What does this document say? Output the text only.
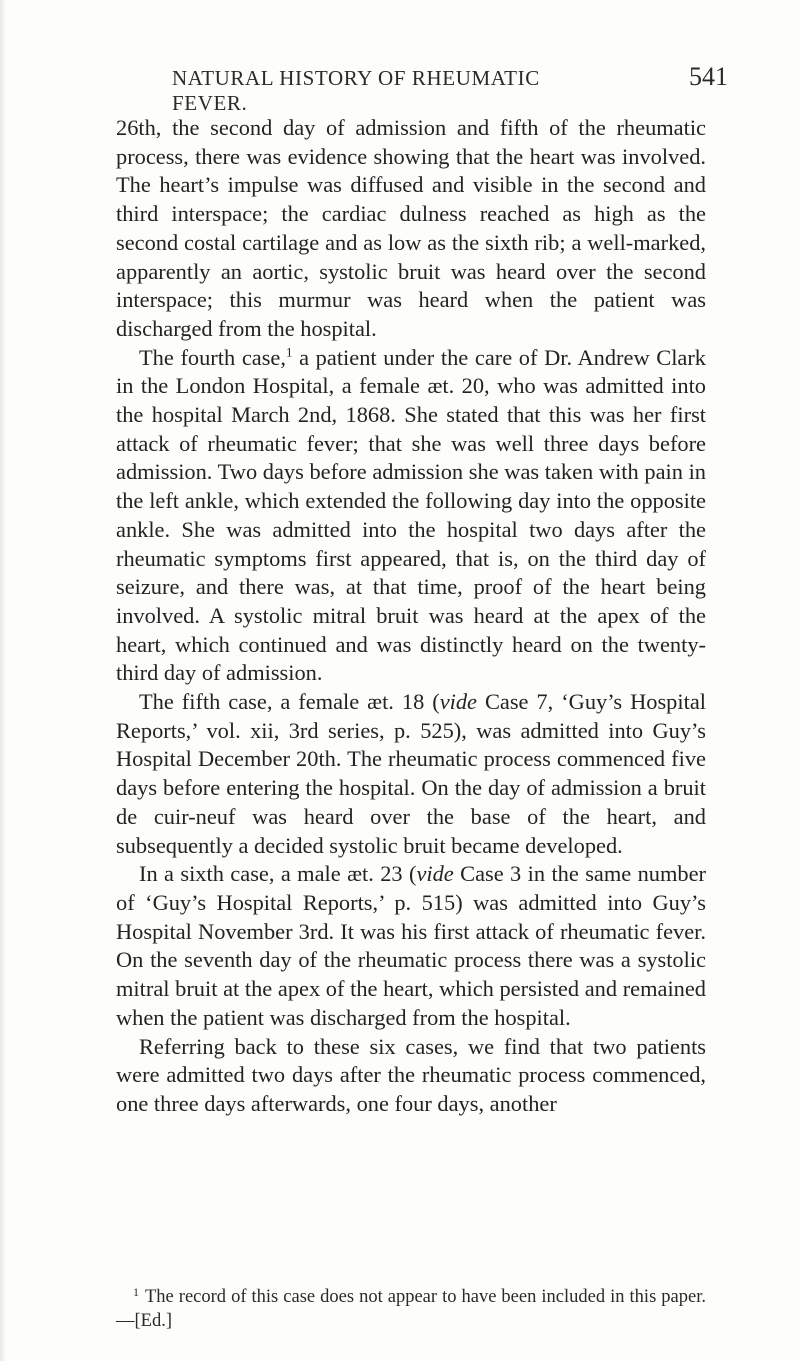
NATURAL HISTORY OF RHEUMATIC FEVER.
541

26th, the second day of admission and fifth of the rheumatic process, there was evidence showing that the heart was involved. The heart’s impulse was diffused and visible in the second and third interspace; the cardiac dulness reached as high as the second costal cartilage and as low as the sixth rib; a well-marked, apparently an aortic, systolic bruit was heard over the second interspace; this murmur was heard when the patient was discharged from the hospital.

The fourth case,$^1$ a patient under the care of Dr. Andrew Clark in the London Hospital, a female æt. 20, who was admitted into the hospital March 2nd, 1868. She stated that this was her first attack of rheumatic fever; that she was well three days before admission. Two days before admission she was taken with pain in the left ankle, which extended the following day into the opposite ankle. She was admitted into the hospital two days after the rheumatic symptoms first appeared, that is, on the third day of seizure, and there was, at that time, proof of the heart being involved. A systolic mitral bruit was heard at the apex of the heart, which continued and was distinctly heard on the twenty-third day of admission.

The fifth case, a female æt. 18 (vide Case 7, ‘Guy’s Hospital Reports,’ vol. xii, 3rd series, p. 525), was admitted into Guy’s Hospital December 20th. The rheumatic process commenced five days before entering the hospital. On the day of admission a bruit de cuir-neuf was heard over the base of the heart, and subsequently a decided systolic bruit became developed.

In a sixth case, a male æt. 23 (vide Case 3 in the same number of ‘Guy’s Hospital Reports,’ p. 515) was admitted into Guy’s Hospital November 3rd. It was his first attack of rheumatic fever. On the seventh day of the rheumatic process there was a systolic mitral bruit at the apex of the heart, which persisted and remained when the patient was discharged from the hospital.

Referring back to these six cases, we find that two patients were admitted two days after the rheumatic process commenced, one three days afterwards, one four days, another

1 The record of this case does not appear to have been included in this paper.—[Ed.]
